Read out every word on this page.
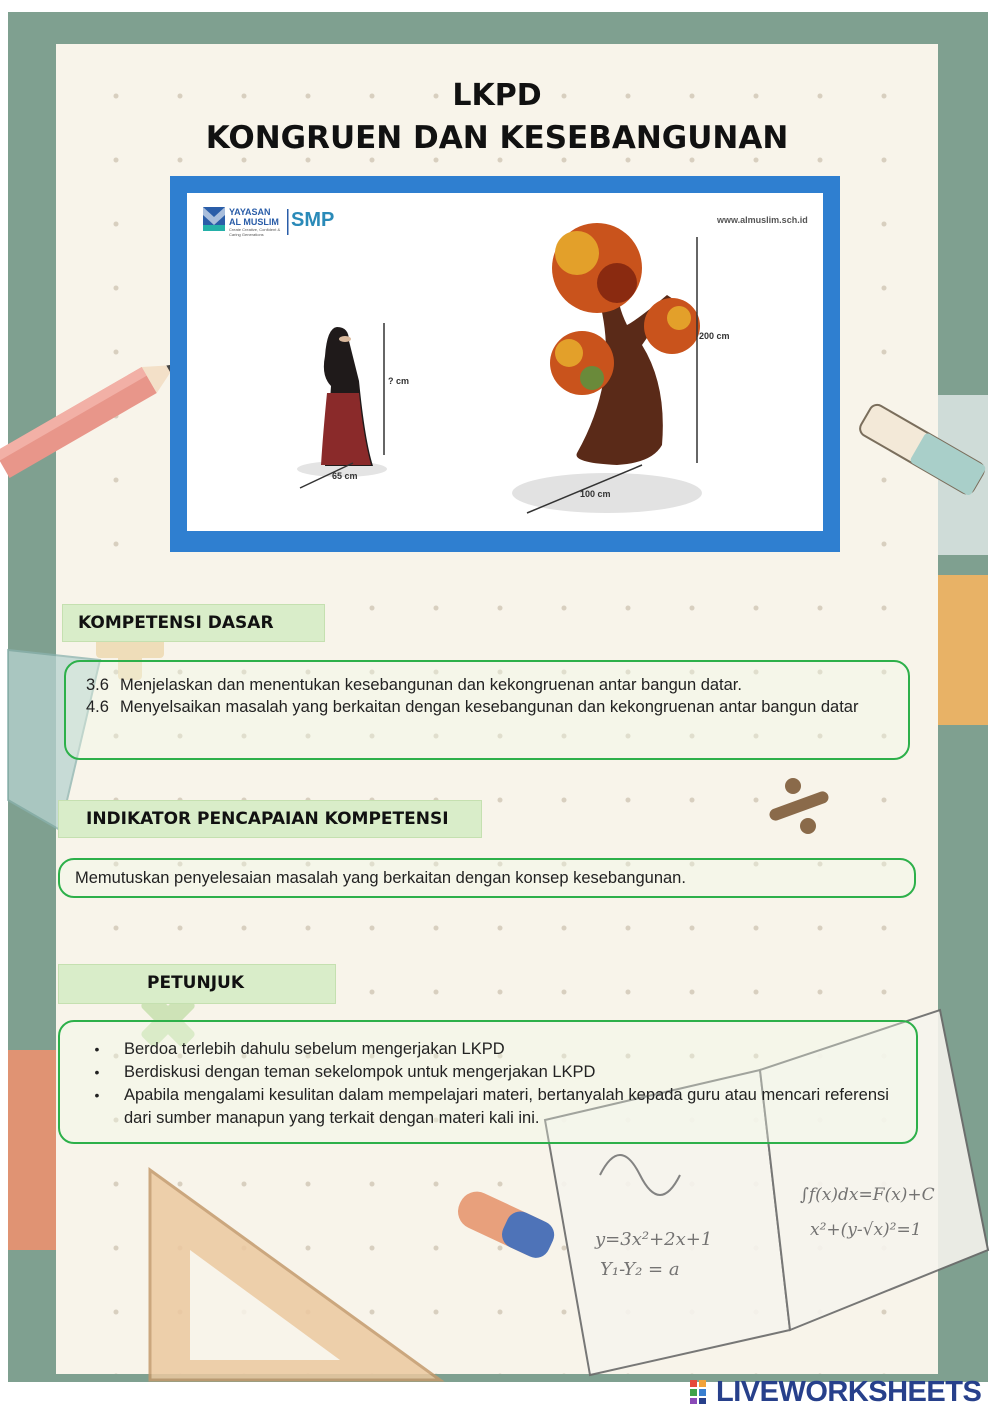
y=3x²+2x+1
Y₁-Y₂ = a
∫f(x)dx=F(x)+C
x²+(y-√x)²=1
LKPD
KONGRUEN DAN KESEBANGUNAN
YAYASAN
AL MUSLIM
Create Creative, Confident & Caring Generations
SMP	www.almuslim.sch.id
? cm
65 cm
200 cm
100 cm
KOMPETENSI DASAR
3.6 Menjelaskan dan menentukan kesebangunan dan kekongruenan antar bangun datar.
4.6 Menyelsaikan masalah yang berkaitan dengan kesebangunan dan kekongruenan antar bangun datar
INDIKATOR PENCAPAIAN KOMPETENSI
Memutuskan penyelesaian masalah yang berkaitan dengan konsep kesebangunan.
PETUNJUK
•	Berdoa terlebih dahulu sebelum mengerjakan LKPD
•	Berdiskusi dengan teman sekelompok untuk mengerjakan LKPD
•	Apabila mengalami kesulitan dalam mempelajari materi, bertanyalah kepada guru atau mencari referensi dari sumber manapun yang terkait dengan materi kali ini.
LIVEWORKSHEETS
